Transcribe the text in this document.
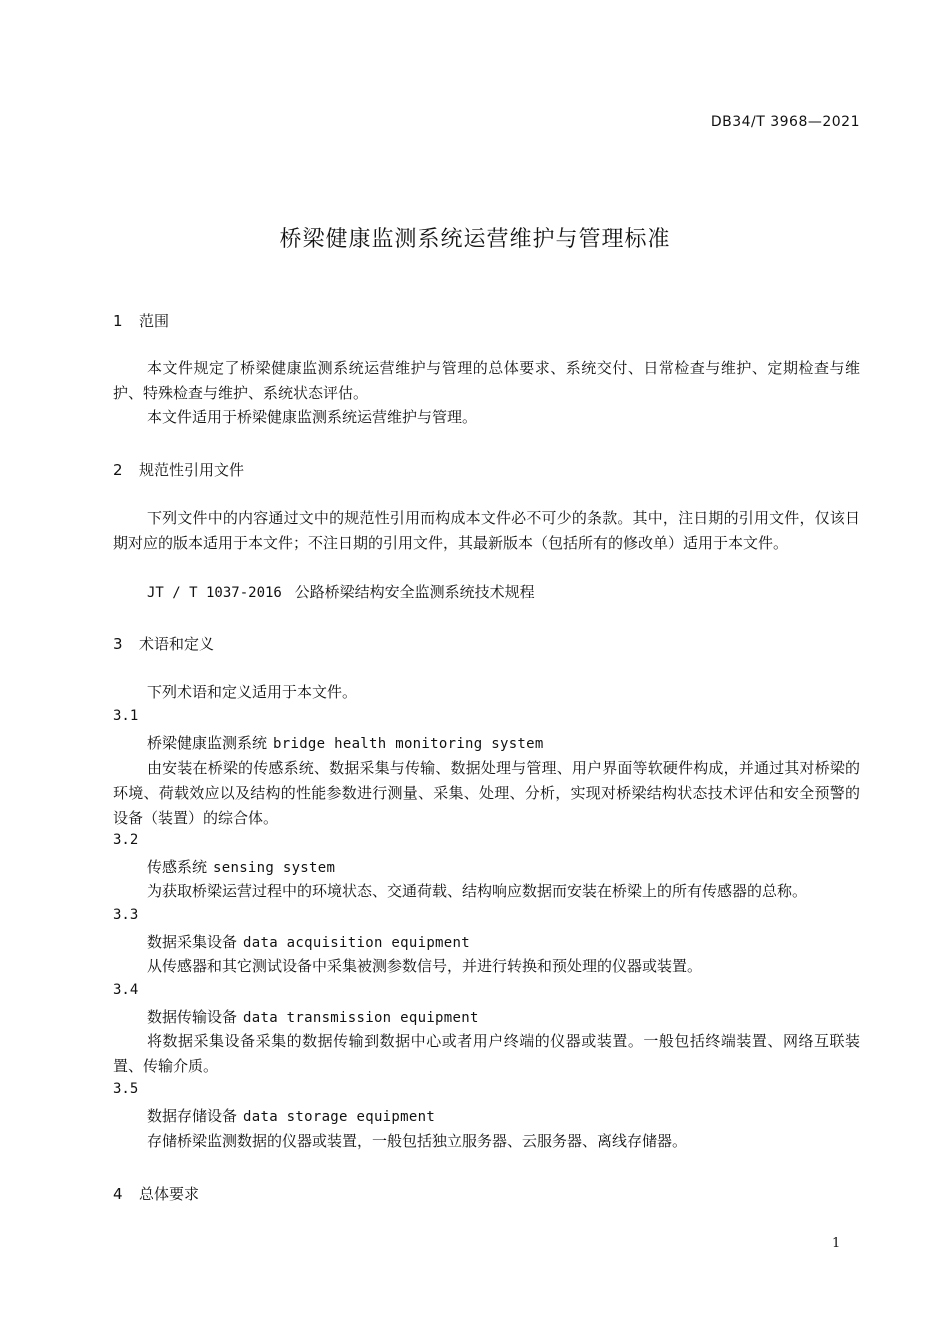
DB34/T 3968—2021
桥梁健康监测系统运营维护与管理标准
1 范围
本文件规定了桥梁健康监测系统运营维护与管理的总体要求、系统交付、日常检查与维护、定期检查与维护、特殊检查与维护、系统状态评估。
本文件适用于桥梁健康监测系统运营维护与管理。
2 规范性引用文件
下列文件中的内容通过文中的规范性引用而构成本文件必不可少的条款。其中，注日期的引用文件，仅该日期对应的版本适用于本文件；不注日期的引用文件，其最新版本（包括所有的修改单）适用于本文件。
JT / T 1037-2016 公路桥梁结构安全监测系统技术规程
3 术语和定义
下列术语和定义适用于本文件。
3.1
桥梁健康监测系统 bridge health monitoring system
由安装在桥梁的传感系统、数据采集与传输、数据处理与管理、用户界面等软硬件构成，并通过其对桥梁的环境、荷载效应以及结构的性能参数进行测量、采集、处理、分析，实现对桥梁结构状态技术评估和安全预警的设备（装置）的综合体。
3.2
传感系统 sensing system
为获取桥梁运营过程中的环境状态、交通荷载、结构响应数据而安装在桥梁上的所有传感器的总称。
3.3
数据采集设备 data acquisition equipment
从传感器和其它测试设备中采集被测参数信号，并进行转换和预处理的仪器或装置。
3.4
数据传输设备 data transmission equipment
将数据采集设备采集的数据传输到数据中心或者用户终端的仪器或装置。一般包括终端装置、网络互联装置、传输介质。
3.5
数据存储设备 data storage equipment
存储桥梁监测数据的仪器或装置，一般包括独立服务器、云服务器、离线存储器。
4 总体要求
1
